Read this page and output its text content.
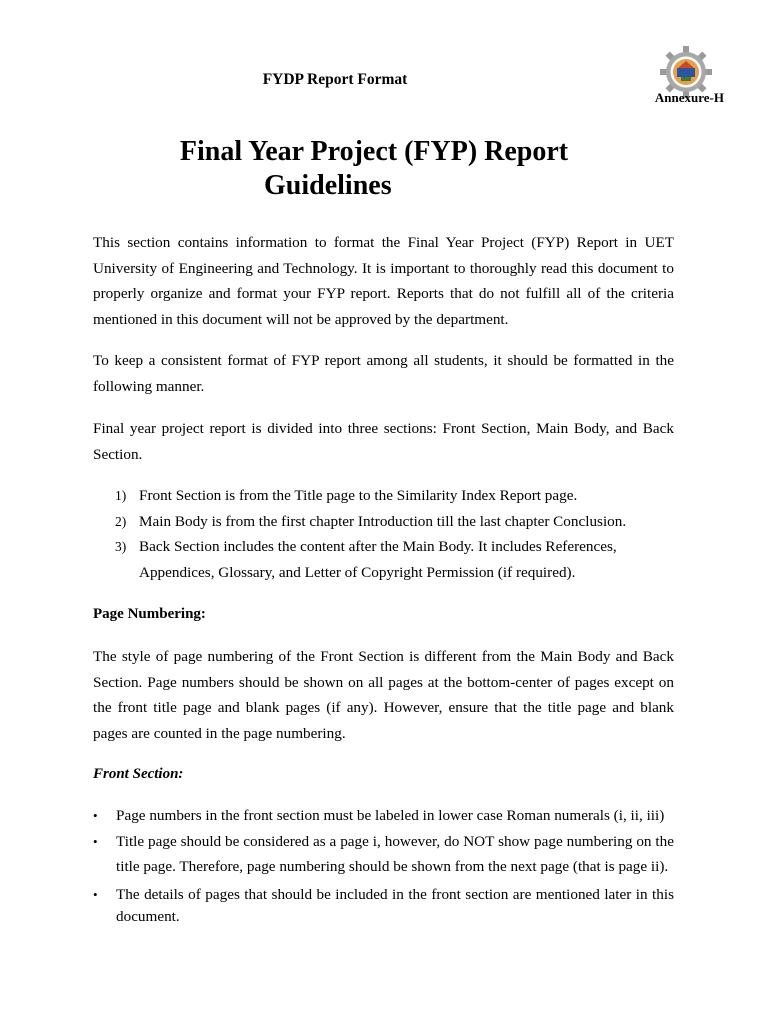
FYDP Report Format
Annexure-H
Final Year Project (FYP) Report
Guidelines
This section contains information to format the Final Year Project (FYP) Report in UET University of Engineering and Technology. It is important to thoroughly read this document to properly organize and format your FYP report. Reports that do not fulfill all of the criteria mentioned in this document will not be approved by the department.
To keep a consistent format of FYP report among all students, it should be formatted in the following manner.
Final year project report is divided into three sections: Front Section, Main Body, and Back Section.
1) Front Section is from the Title page to the Similarity Index Report page.
2) Main Body is from the first chapter Introduction till the last chapter Conclusion.
3) Back Section includes the content after the Main Body. It includes References, Appendices, Glossary, and Letter of Copyright Permission (if required).
Page Numbering:
The style of page numbering of the Front Section is different from the Main Body and Back Section. Page numbers should be shown on all pages at the bottom-center of pages except on the front title page and blank pages (if any). However, ensure that the title page and blank pages are counted in the page numbering.
Front Section:
• Page numbers in the front section must be labeled in lower case Roman numerals (i, ii, iii)
• Title page should be considered as a page i, however, do NOT show page numbering on the title page. Therefore, page numbering should be shown from the next page (that is page ii).
• The details of pages that should be included in the front section are mentioned later in this document.
